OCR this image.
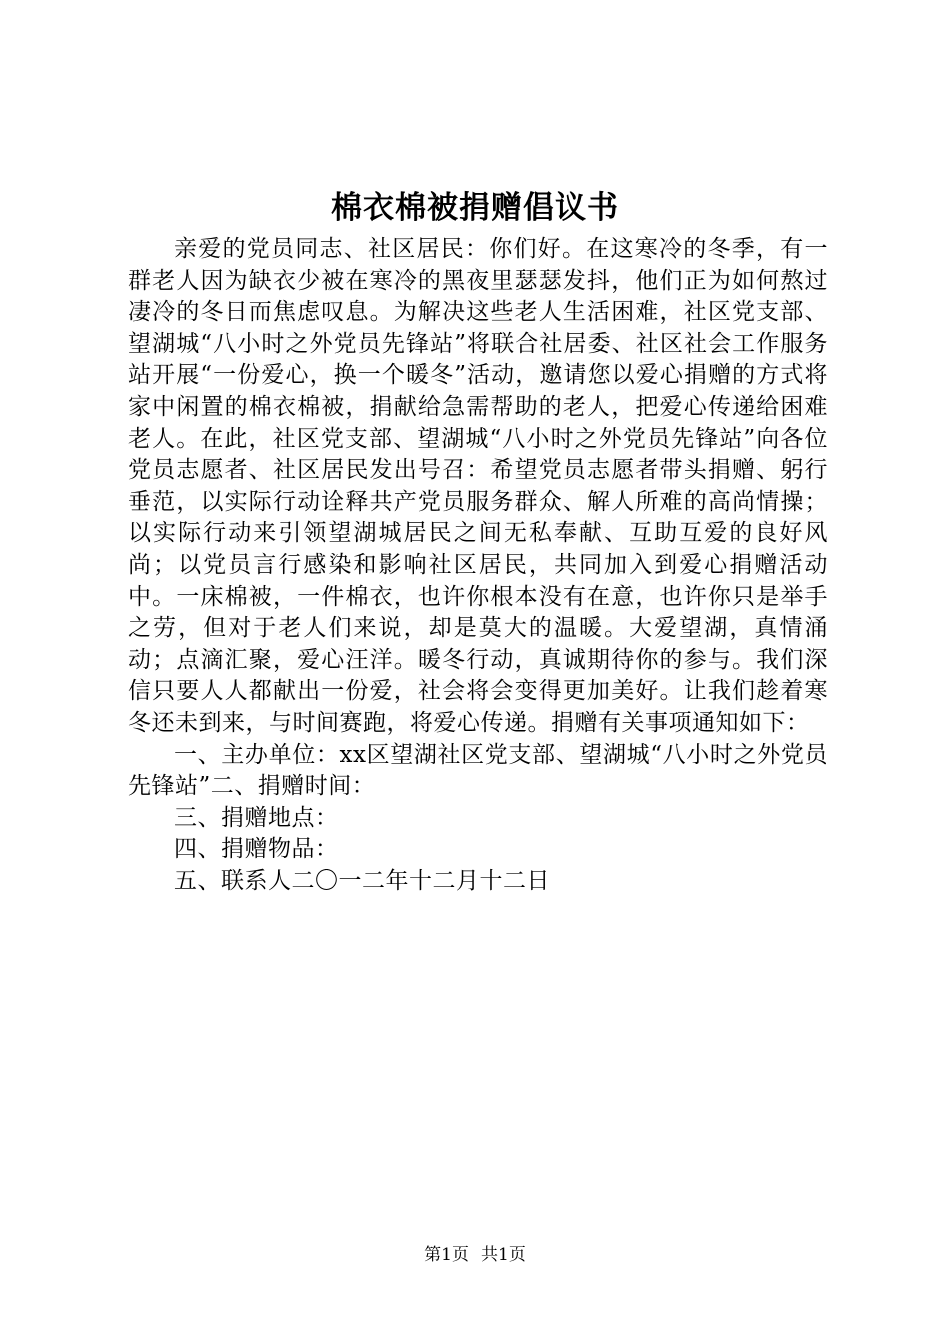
棉衣棉被捐赠倡议书

亲爱的党员同志、社区居民：你们好。在这寒冷的冬季，有一群老人因为缺衣少被在寒冷的黑夜里瑟瑟发抖，他们正为如何熬过凄冷的冬日而焦虑叹息。为解决这些老人生活困难，社区党支部、望湖城“八小时之外党员先锋站”将联合社居委、社区社会工作服务站开展“一份爱心，换一个暖冬”活动，邀请您以爱心捐赠的方式将家中闲置的棉衣棉被，捐献给急需帮助的老人，把爱心传递给困难老人。在此，社区党支部、望湖城“八小时之外党员先锋站”向各位党员志愿者、社区居民发出号召：希望党员志愿者带头捐赠、躬行垂范，以实际行动诠释共产党员服务群众、解人所难的高尚情操；以实际行动来引领望湖城居民之间无私奉献、互助互爱的良好风尚；以党员言行感染和影响社区居民，共同加入到爱心捐赠活动中。一床棉被，一件棉衣，也许你根本没有在意，也许你只是举手之劳，但对于老人们来说，却是莫大的温暖。大爱望湖，真情涌动；点滴汇聚，爱心汪洋。暖冬行动，真诚期待你的参与。我们深信只要人人都献出一份爱，社会将会变得更加美好。让我们趁着寒冬还未到来，与时间赛跑，将爱心传递。捐赠有关事项通知如下：

一、主办单位：xx区望湖社区党支部、望湖城“八小时之外党员先锋站”二、捐赠时间：

三、捐赠地点：

四、捐赠物品：

五、联系人二〇一二年十二月十二日

第1页 共1页
